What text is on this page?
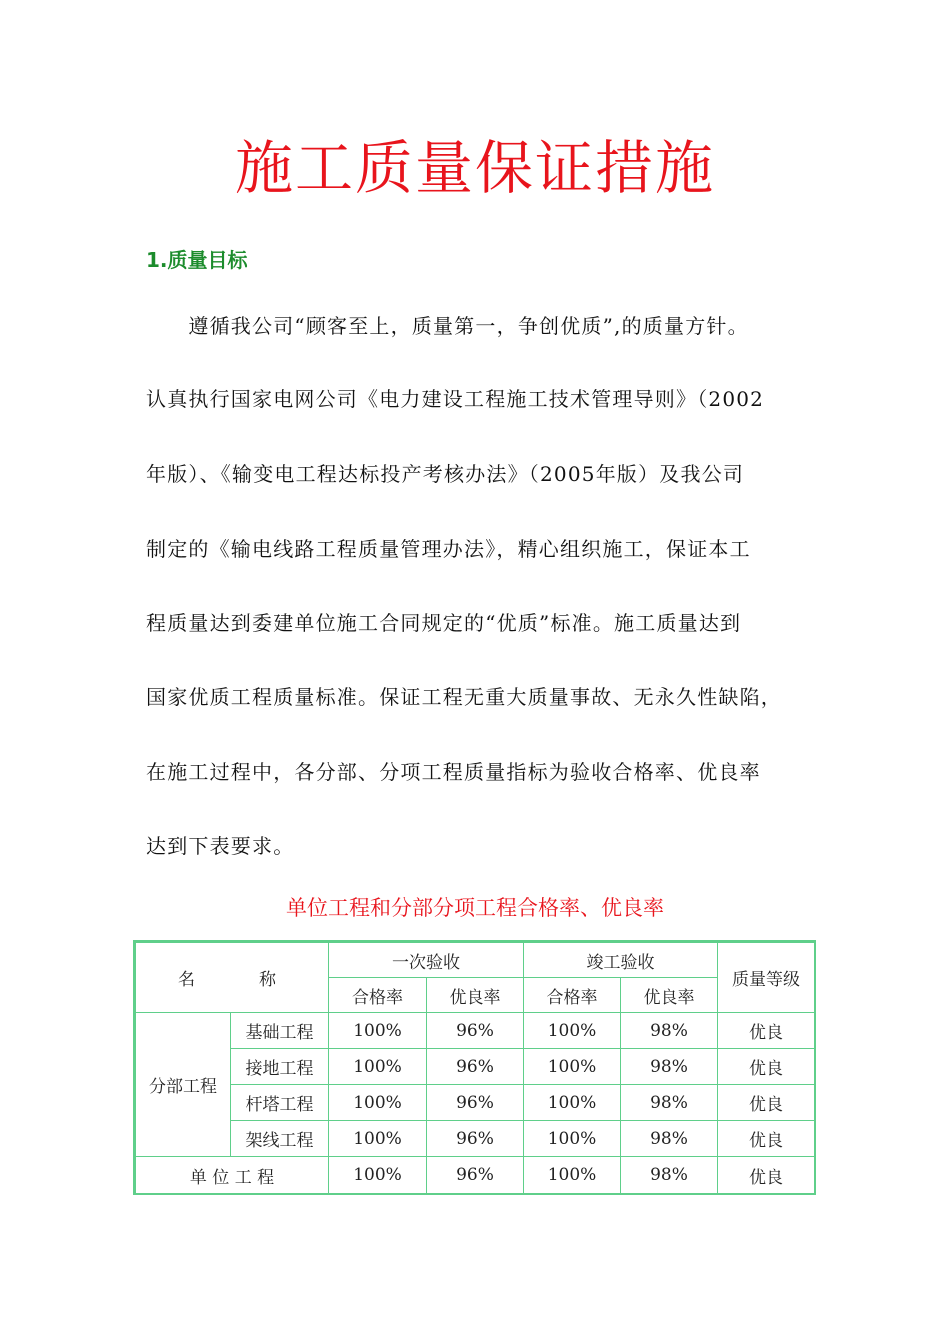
施工质量保证措施
1.质量目标
　　遵循我公司“顾客至上，质量第一，争创优质”,的质量方针。
认真执行国家电网公司《电力建设工程施工技术管理导则》（2002
年版）、《输变电工程达标投产考核办法》（2005年版）及我公司
制定的《输电线路工程质量管理办法》，精心组织施工，保证本工
程质量达到委建单位施工合同规定的“优质”标准。施工质量达到
国家优质工程质量标准。保证工程无重大质量事故、无永久性缺陷，
在施工过程中，各分部、分项工程质量指标为验收合格率、优良率
达到下表要求。
单位工程和分部分项工程合格率、优良率
名　　称		一次验收		竣工验收		质量等级
		合格率	优良率	合格率	优良率	
分部工程	基础工程	100%	96%	100%	98%	优良
	接地工程	100%	96%	100%	98%	优良
	杆塔工程	100%	96%	100%	98%	优良
	架线工程	100%	96%	100%	98%	优良
单 位 工 程		100%	96%	100%	98%	优良
